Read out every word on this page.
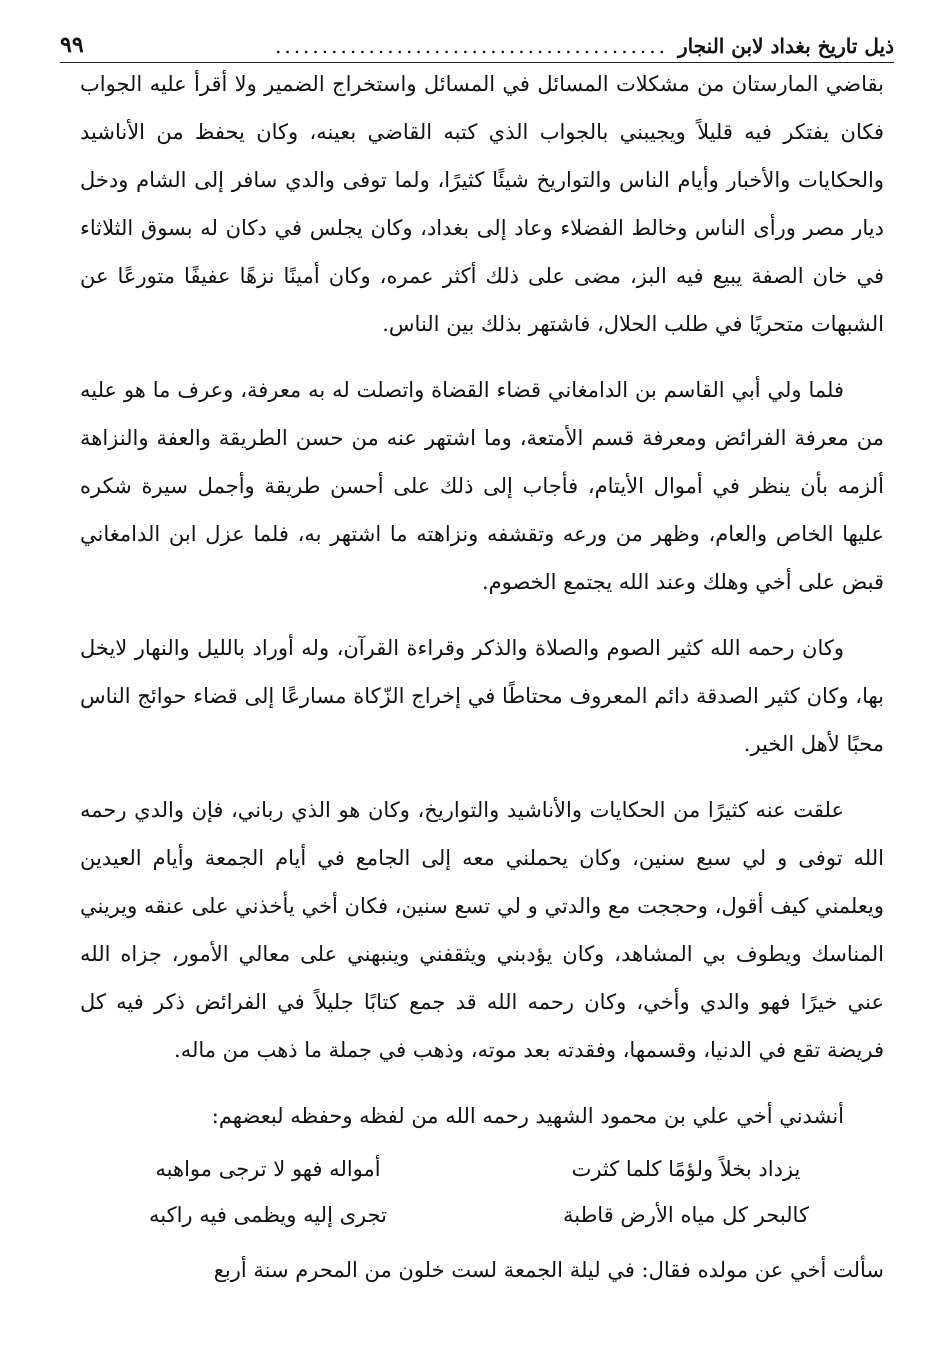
ذيل تاريخ بغداد لابن النجار
..........................................
٩٩

بقاضي المارستان من مشكلات المسائل في المسائل واستخراج الضمير ولا أقرأ عليه الجواب فكان يفتكر فيه قليلاً ويجيبني بالجواب الذي كتبه القاضي بعينه، وكان يحفظ من الأناشيد والحكايات والأخبار وأيام الناس والتواريخ شيئًا كثيرًا، ولما توفى والدي سافر إلى الشام ودخل ديار مصر ورأى الناس وخالط الفضلاء وعاد إلى بغداد، وكان يجلس في دكان له بسوق الثلاثاء في خان الصفة يبيع فيه البز، مضى على ذلك أكثر عمره، وكان أمينًا نزهًا عفيفًا متورعًا عن الشبهات متحريًا في طلب الحلال، فاشتهر بذلك بين الناس.

فلما ولي أبي القاسم بن الدامغاني قضاء القضاة واتصلت له به معرفة، وعرف ما هو عليه من معرفة الفرائض ومعرفة قسم الأمتعة، وما اشتهر عنه من حسن الطريقة والعفة والنزاهة ألزمه بأن ينظر في أموال الأيتام، فأجاب إلى ذلك على أحسن طريقة وأجمل سيرة شكره عليها الخاص والعام، وظهر من ورعه وتقشفه ونزاهته ما اشتهر به، فلما عزل ابن الدامغاني قبض على أخي وهلك وعند الله يجتمع الخصوم.

وكان رحمه الله كثير الصوم والصلاة والذكر وقراءة القرآن، وله أوراد بالليل والنهار لايخل بها، وكان كثير الصدقة دائم المعروف محتاطًا في إخراج الزّكاة مسارعًا إلى قضاء حوائج الناس محبًا لأهل الخير.

علقت عنه كثيرًا من الحكايات والأناشيد والتواريخ، وكان هو الذي رباني، فإن والدي رحمه الله توفى و لي سبع سنين، وكان يحملني معه إلى الجامع في أيام الجمعة وأيام العيدين ويعلمني كيف أقول، وحججت مع والدتي و لي تسع سنين، فكان أخي يأخذني على عنقه ويريني المناسك ويطوف بي المشاهد، وكان يؤدبني ويثقفني وينبهني على معالي الأمور، جزاه الله عني خيرًا فهو والدي وأخي، وكان رحمه الله قد جمع كتابًا جليلاً في الفرائض ذكر فيه كل فريضة تقع في الدنيا، وقسمها، وفقدته بعد موته، وذهب في جملة ما ذهب من ماله.

أنشدني أخي علي بن محمود الشهيد رحمه الله من لفظه وحفظه لبعضهم:

يزداد بخلاً ولؤمًا كلما كثرت
أمواله فهو لا ترجى مواهبه
كالبحر كل مياه الأرض قاطبة
تجرى إليه ويظمى فيه راكبه

سألت أخي عن مولده فقال: في ليلة الجمعة لست خلون من المحرم سنة أربع
